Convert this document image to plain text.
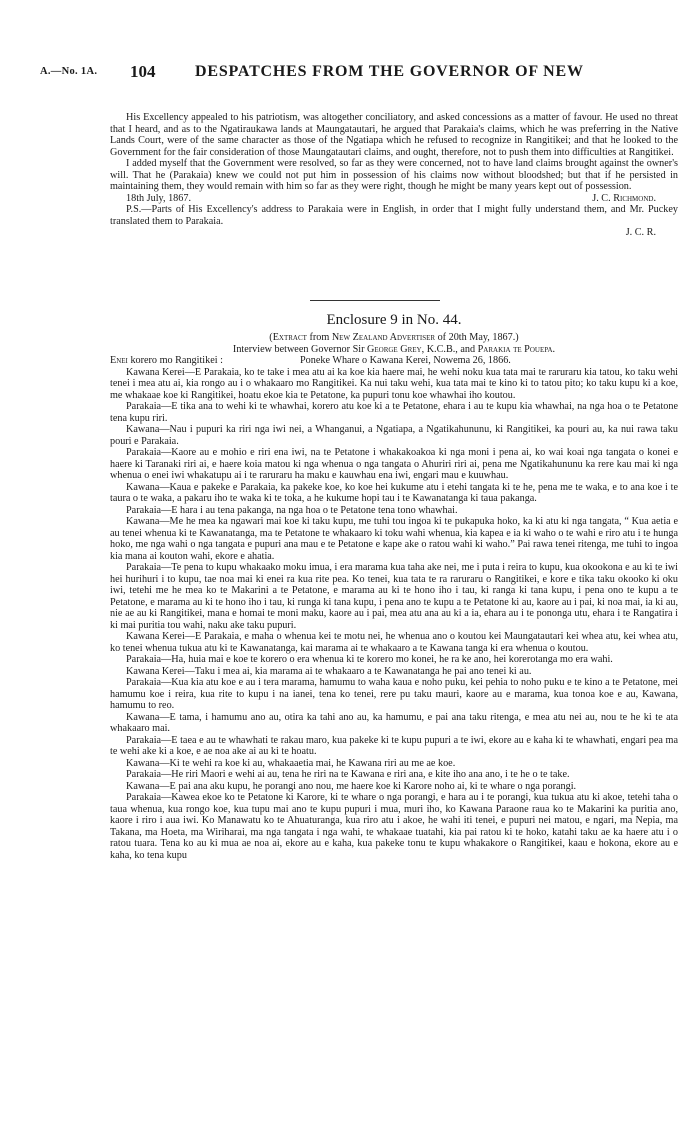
A.—No. 1A. 104 DESPATCHES FROM THE GOVERNOR OF NEW

His Excellency appealed to his patriotism, was altogether conciliatory, and asked concessions as a matter of favour. He used no threat that I heard, and as to the Ngatiraukawa lands at Maungatautari, he argued that Parakaia's claims, which he was preferring in the Native Lands Court, were of the same character as those of the Ngatiapa which he refused to recognize in Rangitikei; and that he looked to the Government for the fair consideration of those Maungatautari claims, and ought, therefore, not to push them into difficulties at Rangitikei.

I added myself that the Government were resolved, so far as they were concerned, not to have land claims brought against the owner's will. That he (Parakaia) knew we could not put him in possession of his claims now without bloodshed; but that if he persisted in maintaining them, they would remain with him so far as they were right, though he might be many years kept out of possession.

18th July, 1867.	J. C. Richmond.

P.S.—Parts of His Excellency's address to Parakaia were in English, in order that I might fully understand them, and Mr. Puckey translated them to Parakaia.

J. C. R.
Enclosure 9 in No. 44.

(Extract from New Zealand Advertiser of 20th May, 1867.)

Interview between Governor Sir George Grey, K.C.B., and Parakia te Pouepa.

Enei korero mo Rangitikei :	Poneke Whare o Kawana Kerei, Nowema 26, 1866.

Kawana Kerei—E Parakaia, ko te take i mea atu ai ka koe kia haere mai, he wehi noku kua tata mai te raruraru kia tatou, ko taku wehi tenei i mea atu ai, kia rongo au i o whakaaro mo Rangitikei. Ka nui taku wehi, kua tata mai te kino ki to tatou pito; ko taku kupu ki a koe, me whakaae koe ki Rangitikei, hoatu ekoe kia te Petatone, ka pupuri tonu koe whawhai iho koutou.

Parakaia—E tika ana to wehi ki te whawhai, korero atu koe ki a te Petatone, ehara i au te kupu kia whawhai, na nga hoa o te Petatone tena kupu riri.

Kawana—Nau i pupuri ka riri nga iwi nei, a Whanganui, a Ngatiapa, a Ngatikahununu, ki Rangitikei, ka pouri au, ka nui rawa taku pouri e Parakaia.

Parakaia—Kaore au e mohio e riri ena iwi, na te Petatone i whakakoakoa ki nga moni i pena ai, ko wai koai nga tangata o konei e haere ki Taranaki riri ai, e haere koia matou ki nga whenua o nga tangata o Ahuriri riri ai, pena me Ngatikahununu ka rere kau mai ki nga whenua o enei iwi whakatupu ai i te raruraru ha maku e kauwhau ena iwi, engari mau e kuuwhau.

Kawana—Kaua e pakeke e Parakaia, ka pakeke koe, ko koe hei kukume atu i etehi tangata ki te he, pena me te waka, e to ana koe i te taura o te waka, a pakaru iho te waka ki te toka, a he kukume hopi tau i te Kawanatanga ki taua pakanga.

Parakaia—E hara i au tena pakanga, na nga hoa o te Petatone tena tono whawhai.

Kawana—Me he mea ka ngawari mai koe ki taku kupu, me tuhi tou ingoa ki te pukapuka hoko, ka ki atu ki nga tangata, “ Kua aetia e au tenei whenua ki te Kawanatanga, ma te Petatone te whakaaro ki toku wahi whenua, kia kapea e ia ki waho o te wahi e riro atu i te hunga hoko, me nga wahi o nga tangata e pupuri ana mau e te Petatone e kape ake o ratou wahi ki waho.” Pai rawa tenei ritenga, me tuhi to ingoa kia mana ai kouton wahi, ekore e ahatia.

Parakaia—Te pena to kupu whakaako moku imua, i era marama kua taha ake nei, me i puta i reira to kupu, kua okookona e au ki te iwi hei hurihuri i to kupu, tae noa mai ki enei ra kua rite pea. Ko tenei, kua tata te ra raruraru o Rangitikei, e kore e tika taku okooko ki oku iwi, tetehi me he mea ko te Makarini a te Petatone, e marama au ki te hono iho i tau, ki ranga ki tana kupu, i pena ono te kupu a te Petatone, e marama au ki te hono iho i tau, ki runga ki tana kupu, i pena ano te kupu a te Petatone ki au, kaore au i pai, ki noa mai, ia ki au, nie ae au ki Rangitikei, mana e homai te moni maku, kaore au i pai, mea atu ana au ki a ia, ehara au i te pononga utu, ehara i te Rangatira i ki mai puritia tou wahi, naku ake taku pupuri.

Kawana Kerei—E Parakaia, e maha o whenua kei te motu nei, he whenua ano o koutou kei Maungatautari kei whea atu, kei whea atu, ko tenei whenua tukua atu ki te Kawanatanga, kai marama ai te whakaaro a te Kawana tanga ki era whenua o koutou.

Parakaia—Ha, huia mai e koe te korero o era whenua ki te korero mo konei, he ra ke ano, hei korerotanga mo era wahi.

Kawana Kerei—Taku i mea ai, kia marama ai te whakaaro a te Kawanatanga he pai ano tenei ki au.

Parakaia—Kua kia atu koe e au i tera marama, hamumu to waha kaua e noho puku, kei pehia to noho puku e te kino a te Petatone, mei hamumu koe i reira, kua rite to kupu i na ianei, tena ko tenei, rere pu taku mauri, kaore au e marama, kua tonoa koe e au, Kawana, hamumu to reo.

Kawana—E tama, i hamumu ano au, otira ka tahi ano au, ka hamumu, e pai ana taku ritenga, e mea atu nei au, nou te he ki te ata whakaaro mai.

Parakaia—E taea e au te whawhati te rakau maro, kua pakeke ki te kupu pupuri a te iwi, ekore au e kaha ki te whawhati, engari pea ma te wehi ake ki a koe, e ae noa ake ai au ki te hoatu.

Kawana—Ki te wehi ra koe ki au, whakaaetia mai, he Kawana riri au me ae koe.

Parakaia—He riri Maori e wehi ai au, tena he riri na te Kawana e riri ana, e kite iho ana ano, i te he o te take.

Kawana—E pai ana aku kupu, he porangi ano nou, me haere koe ki Karore noho ai, ki te whare o nga porangi.

Parakaia—Kawea ekoe ko te Petatone ki Karore, ki te whare o nga porangi, e hara au i te porangi, kua tukua atu ki akoe, tetehi taha o taua whenua, kua rongo koe, kua tupu mai ano te kupu pupuri i mua, muri iho, ko Kawana Parаone raua ko te Makarini ka puritia ano, kaore i riro i aua iwi. Ko Manawatu ko te Ahuaturanga, kua riro atu i akoe, he wahi iti tenei, e pupuri nei matou, e ngari, ma Nepia, ma Takana, ma Hoeta, ma Wiriharai, ma nga tangata i nga wahi, te whakaae tuatahi, kia pai ratou ki te hoko, katahi taku ae ka haere atu i o ratou tuara. Tena ko au ki mua ae noa ai, ekore au e kaha, kua pakeke tonu te kupu whakakore o Rangitikei, kaau e hokona, ekore au e kaha, ko tena kupu
